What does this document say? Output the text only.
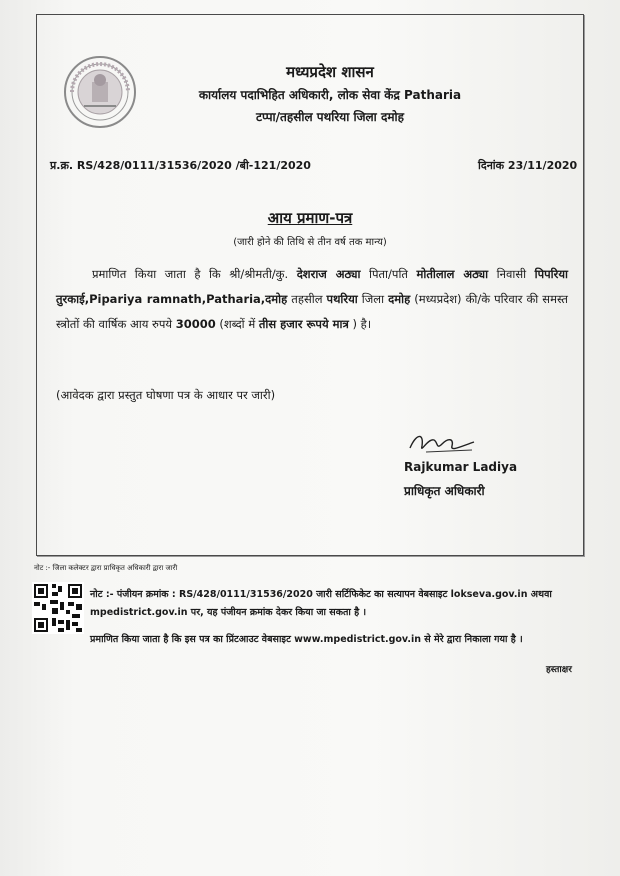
मध्यप्रदेश शासन
कार्यालय पदाभिहित अधिकारी, लोक सेवा केंद्र Patharia
टप्पा/तहसील पथरिया जिला दमोह
प्र.क्र. RS/428/0111/31536/2020 /बी-121/2020	दिनांक 23/11/2020
आय प्रमाण-पत्र
(जारी होने की तिथि से तीन वर्ष तक मान्य)

प्रमाणित किया जाता है कि श्री/श्रीमती/कु. देशराज अठ्या पिता/पति मोतीलाल अठ्या निवासी पिपरिया तुरकाई,Pipariya ramnath,Patharia,दमोह तहसील पथरिया जिला दमोह (मध्यप्रदेश) की/के परिवार की समस्त स्त्रोतों की वार्षिक आय रुपये 30000 (शब्दों में तीस हजार रूपये मात्र ) है।

(आवेदक द्वारा प्रस्तुत घोषणा पत्र के आधार पर जारी)
Rajkumar Ladiya
प्राधिकृत अधिकारी
नोट :- जिला कलेक्टर द्वारा प्राधिकृत अधिकारी द्वारा जारी
नोट :- पंजीयन क्रमांक : RS/428/0111/31536/2020 जारी सर्टिफिकेट का सत्यापन वेबसाइट lokseva.gov.in अथवा mpedistrict.gov.in पर, यह पंजीयन क्रमांक देकर किया जा सकता है ।
प्रमाणित किया जाता है कि इस पत्र का प्रिंटआउट वेबसाइट www.mpedistrict.gov.in से मेरे द्वारा निकाला गया है ।
हस्ताक्षर
